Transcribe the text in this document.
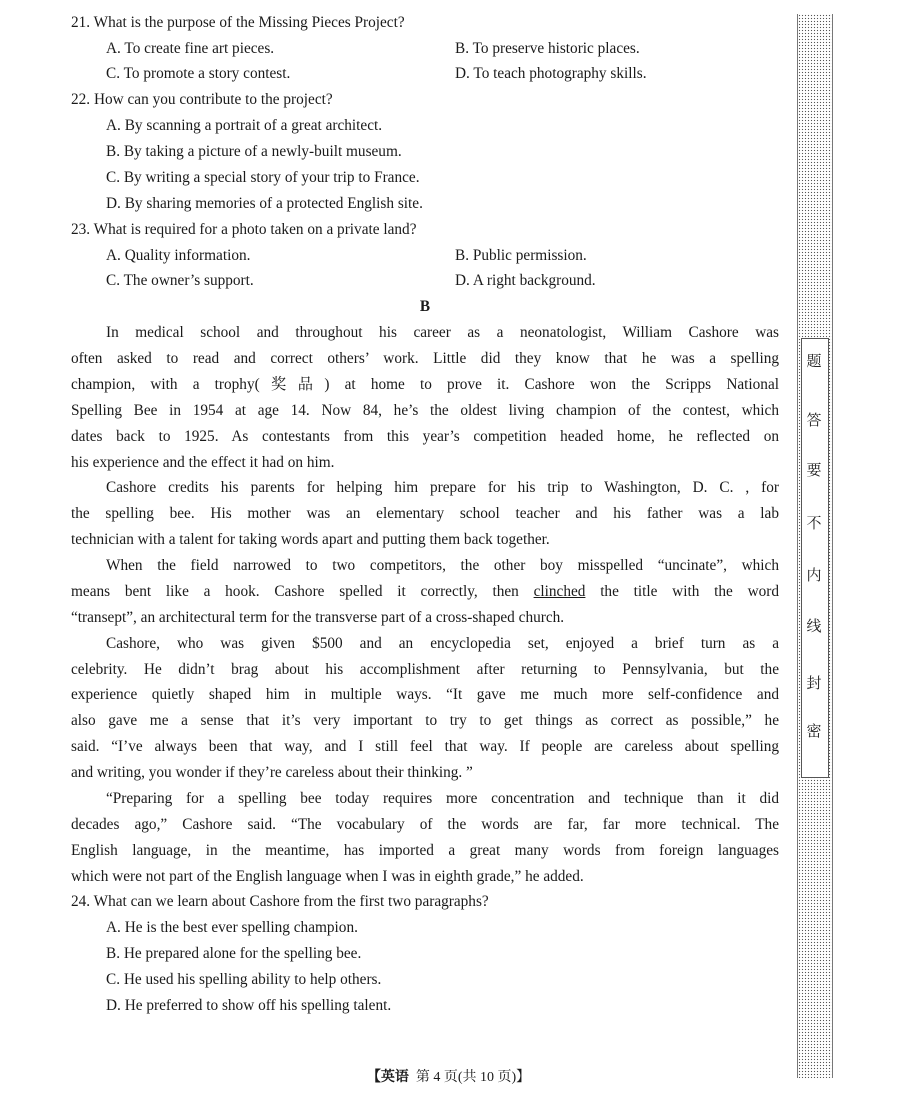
21. What is the purpose of the Missing Pieces Project?
A. To create fine art pieces.	B. To preserve historic places.
C. To promote a story contest.	D. To teach photography skills.
22. How can you contribute to the project?
A. By scanning a portrait of a great architect.
B. By taking a picture of a newly-built museum.
C. By writing a special story of your trip to France.
D. By sharing memories of a protected English site.
23. What is required for a photo taken on a private land?
A. Quality information.	B. Public permission.
C. The owner’s support.	D. A right background.
B
In medical school and throughout his career as a neonatologist, William Cashore was
often asked to read and correct others’ work. Little did they know that he was a spelling
champion, with a trophy(奖品) at home to prove it. Cashore won the Scripps National
Spelling Bee in 1954 at age 14. Now 84, he’s the oldest living champion of the contest, which
dates back to 1925. As contestants from this year’s competition headed home, he reflected on
his experience and the effect it had on him.
Cashore credits his parents for helping him prepare for his trip to Washington, D. C. , for
the spelling bee. His mother was an elementary school teacher and his father was a lab
technician with a talent for taking words apart and putting them back together.
When the field narrowed to two competitors, the other boy misspelled “uncinate”, which
means bent like a hook. Cashore spelled it correctly, then clinched the title with the word
“transept”, an architectural term for the transverse part of a cross-shaped church.
Cashore, who was given $500 and an encyclopedia set, enjoyed a brief turn as a
celebrity. He didn’t brag about his accomplishment after returning to Pennsylvania, but the
experience quietly shaped him in multiple ways. “It gave me much more self-confidence and
also gave me a sense that it’s very important to try to get things as correct as possible,” he
said. “I’ve always been that way, and I still feel that way. If people are careless about spelling
and writing, you wonder if they’re careless about their thinking. ”
“Preparing for a spelling bee today requires more concentration and technique than it did
decades ago,” Cashore said. “The vocabulary of the words are far, far more technical. The
English language, in the meantime, has imported a great many words from foreign languages
which were not part of the English language when I was in eighth grade,” he added.
24. What can we learn about Cashore from the first two paragraphs?
A. He is the best ever spelling champion.
B. He prepared alone for the spelling bee.
C. He used his spelling ability to help others.
D. He preferred to show off his spelling talent.
密
封
线
内
不
要
答
题
【英语 第 4 页(共 10 页)】
